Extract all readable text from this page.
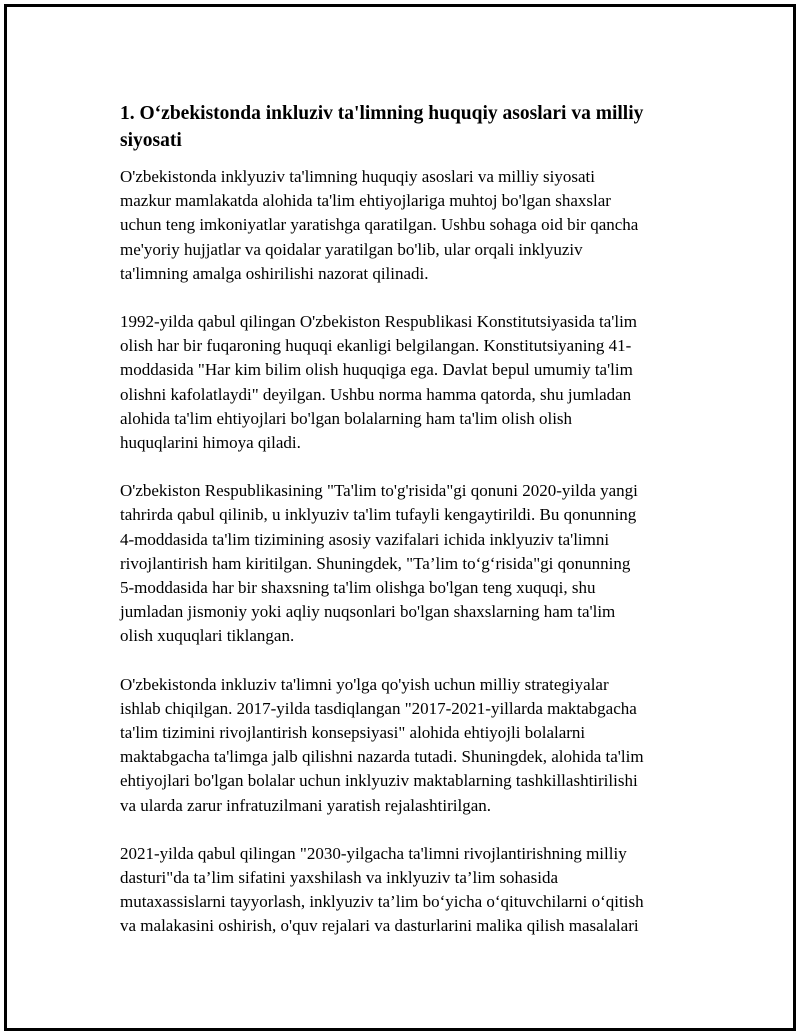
1. O‘zbekistonda inkluziv ta'limning huquqiy asoslari va milliy
siyosati

O'zbekistonda inklyuziv ta'limning huquqiy asoslari va milliy siyosati
mazkur mamlakatda alohida ta'lim ehtiyojlariga muhtoj bo'lgan shaxslar
uchun teng imkoniyatlar yaratishga qaratilgan. Ushbu sohaga oid bir qancha
me'yoriy hujjatlar va qoidalar yaratilgan bo'lib, ular orqali inklyuziv
ta'limning amalga oshirilishi nazorat qilinadi.

1992-yilda qabul qilingan O'zbekiston Respublikasi Konstitutsiyasida ta'lim
olish har bir fuqaroning huquqi ekanligi belgilangan. Konstitutsiyaning 41-
moddasida "Har kim bilim olish huquqiga ega. Davlat bepul umumiy ta'lim
olishni kafolatlaydi" deyilgan. Ushbu norma hamma qatorda, shu jumladan
alohida ta'lim ehtiyojlari bo'lgan bolalarning ham ta'lim olish olish
huquqlarini himoya qiladi.

O'zbekiston Respublikasining "Ta'lim to'g'risida"gi qonuni 2020-yilda yangi
tahrirda qabul qilinib, u inklyuziv ta'lim tufayli kengaytirildi. Bu qonunning
4-moddasida ta'lim tizimining asosiy vazifalari ichida inklyuziv ta'limni
rivojlantirish ham kiritilgan. Shuningdek, "Ta’lim to‘g‘risida"gi qonunning
5-moddasida har bir shaxsning ta'lim olishga bo'lgan teng xuquqi, shu
jumladan jismoniy yoki aqliy nuqsonlari bo'lgan shaxslarning ham ta'lim
olish xuquqlari tiklangan.

O'zbekistonda inkluziv ta'limni yo'lga qo'yish uchun milliy strategiyalar
ishlab chiqilgan. 2017-yilda tasdiqlangan "2017-2021-yillarda maktabgacha
ta'lim tizimini rivojlantirish konsepsiyasi" alohida ehtiyojli bolalarni
maktabgacha ta'limga jalb qilishni nazarda tutadi. Shuningdek, alohida ta'lim
ehtiyojlari bo'lgan bolalar uchun inklyuziv maktablarning tashkillashtirilishi
va ularda zarur infratuzilmani yaratish rejalashtirilgan.

2021-yilda qabul qilingan "2030-yilgacha ta'limni rivojlantirishning milliy
dasturi"da ta’lim sifatini yaxshilash va inklyuziv ta’lim sohasida
mutaxassislarni tayyorlash, inklyuziv ta’lim bo‘yicha o‘qituvchilarni o‘qitish
va malakasini oshirish, o'quv rejalari va dasturlarini malika qilish masalalari
